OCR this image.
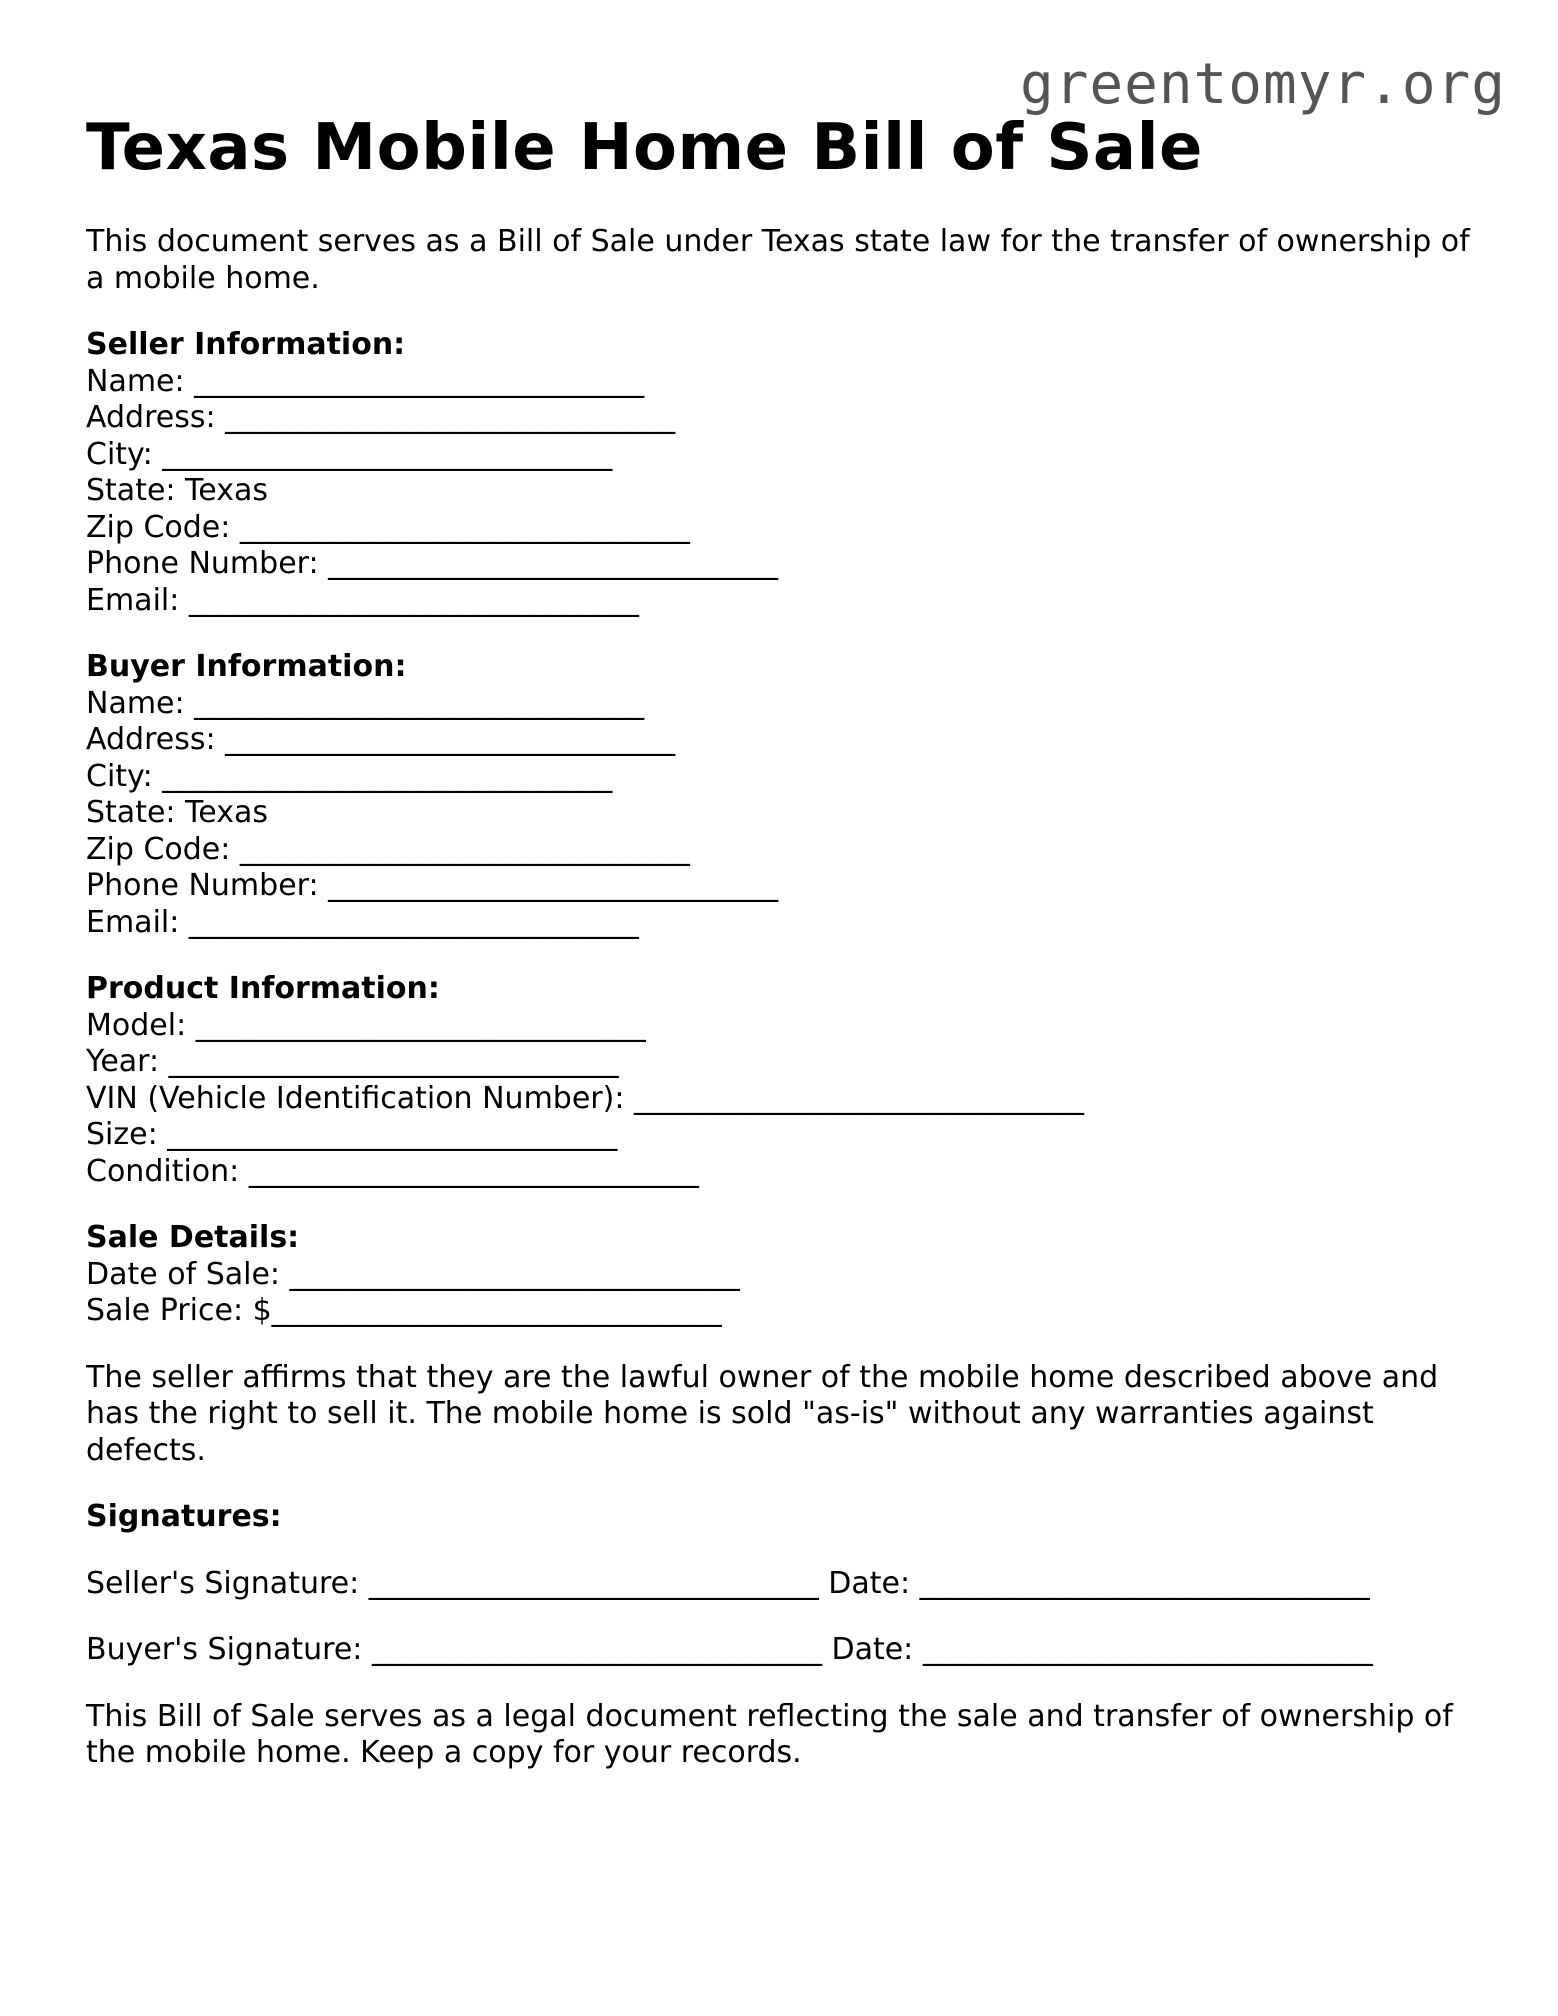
greentomyr.org
Texas Mobile Home Bill of Sale

This document serves as a Bill of Sale under Texas state law for the transfer of ownership of a mobile home.

Seller Information:

Name: ______________________________

Address: ______________________________

City: ______________________________

State: Texas

Zip Code: ______________________________

Phone Number: ______________________________

Email: ______________________________

Buyer Information:

Name: ______________________________

Address: ______________________________

City: ______________________________

State: Texas

Zip Code: ______________________________

Phone Number: ______________________________

Email: ______________________________

Product Information:

Model: ______________________________

Year: ______________________________

VIN (Vehicle Identification Number): ______________________________

Size: ______________________________

Condition: ______________________________

Sale Details:

Date of Sale: ______________________________

Sale Price: $______________________________

The seller affirms that they are the lawful owner of the mobile home described above and has the right to sell it. The mobile home is sold "as-is" without any warranties against defects.

Signatures:

Seller's Signature: ______________________________ Date: ______________________________

Buyer's Signature: ______________________________ Date: ______________________________

This Bill of Sale serves as a legal document reflecting the sale and transfer of ownership of the mobile home. Keep a copy for your records.
